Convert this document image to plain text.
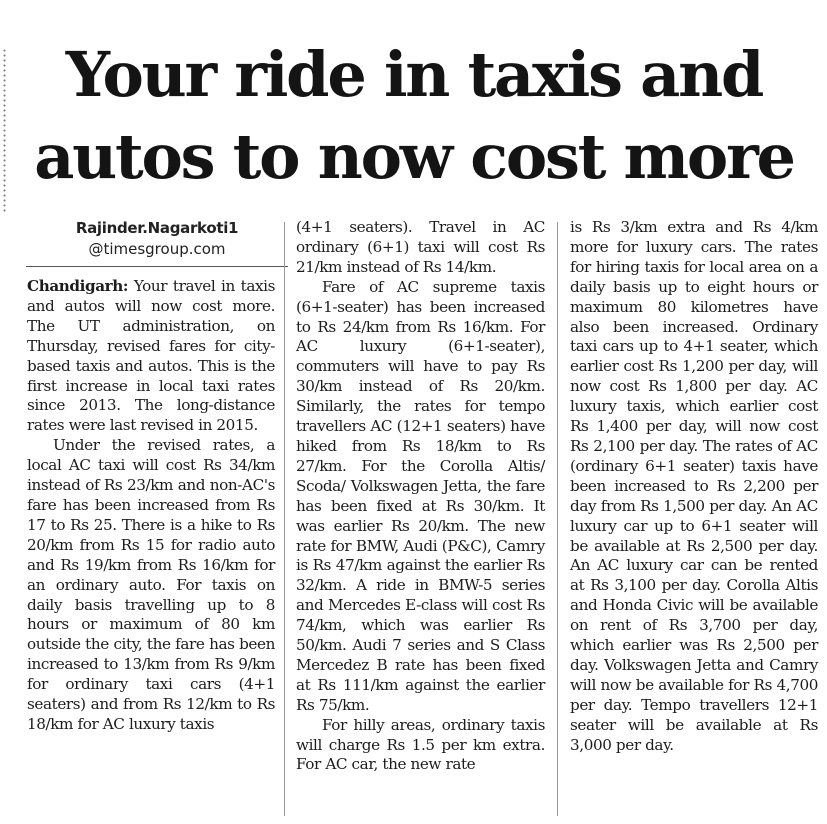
Your ride in taxis and
autos to now cost more
Rajinder.Nagarkoti1
@timesgroup.com

Chandigarh: Your travel in taxis and autos will now cost more. The UT administration, on Thursday, revised fares for city-based taxis and autos. This is the first increase in local taxi rates since 2013. The long-distance rates were last revised in 2015.

Under the revised rates, a local AC taxi will cost Rs 34/km instead of Rs 23/km and non-AC's fare has been increased from Rs 17 to Rs 25. There is a hike to Rs 20/km from Rs 15 for radio auto and Rs 19/km from Rs 16/km for an ordinary auto. For taxis on daily basis travelling up to 8 hours or maximum of 80 km outside the city, the fare has been increased to 13/km from Rs 9/km for ordinary taxi cars (4+1 seaters) and from Rs 12/km to Rs 18/km for AC luxury taxis

(4+1 seaters). Travel in AC ordinary (6+1) taxi will cost Rs 21/km instead of Rs 14/km.

Fare of AC supreme taxis (6+1-seater) has been increased to Rs 24/km from Rs 16/km. For AC luxury (6+1-seater), commuters will have to pay Rs 30/km instead of Rs 20/km. Similarly, the rates for tempo travellers AC (12+1 seaters) have hiked from Rs 18/km to Rs 27/km. For the Corolla Altis/ Scoda/ Volkswagen Jetta, the fare has been fixed at Rs 30/km. It was earlier Rs 20/km. The new rate for BMW, Audi (P&C), Camry is Rs 47/km against the earlier Rs 32/km. A ride in BMW-5 series and Mercedes E-class will cost Rs 74/km, which was earlier Rs 50/km. Audi 7 series and S Class Mercedez B rate has been fixed at Rs 111/km against the earlier Rs 75/km.

For hilly areas, ordinary taxis will charge Rs 1.5 per km extra. For AC car, the new rate

is Rs 3/km extra and Rs 4/km more for luxury cars. The rates for hiring taxis for local area on a daily basis up to eight hours or maximum 80 kilometres have also been increased. Ordinary taxi cars up to 4+1 seater, which earlier cost Rs 1,200 per day, will now cost Rs 1,800 per day. AC luxury taxis, which earlier cost Rs 1,400 per day, will now cost Rs 2,100 per day. The rates of AC (ordinary 6+1 seater) taxis have been increased to Rs 2,200 per day from Rs 1,500 per day. An AC luxury car up to 6+1 seater will be available at Rs 2,500 per day. An AC luxury car can be rented at Rs 3,100 per day. Corolla Altis and Honda Civic will be available on rent of Rs 3,700 per day, which earlier was Rs 2,500 per day. Volkswagen Jetta and Camry will now be available for Rs 4,700 per day. Tempo travellers 12+1 seater will be available at Rs 3,000 per day.
